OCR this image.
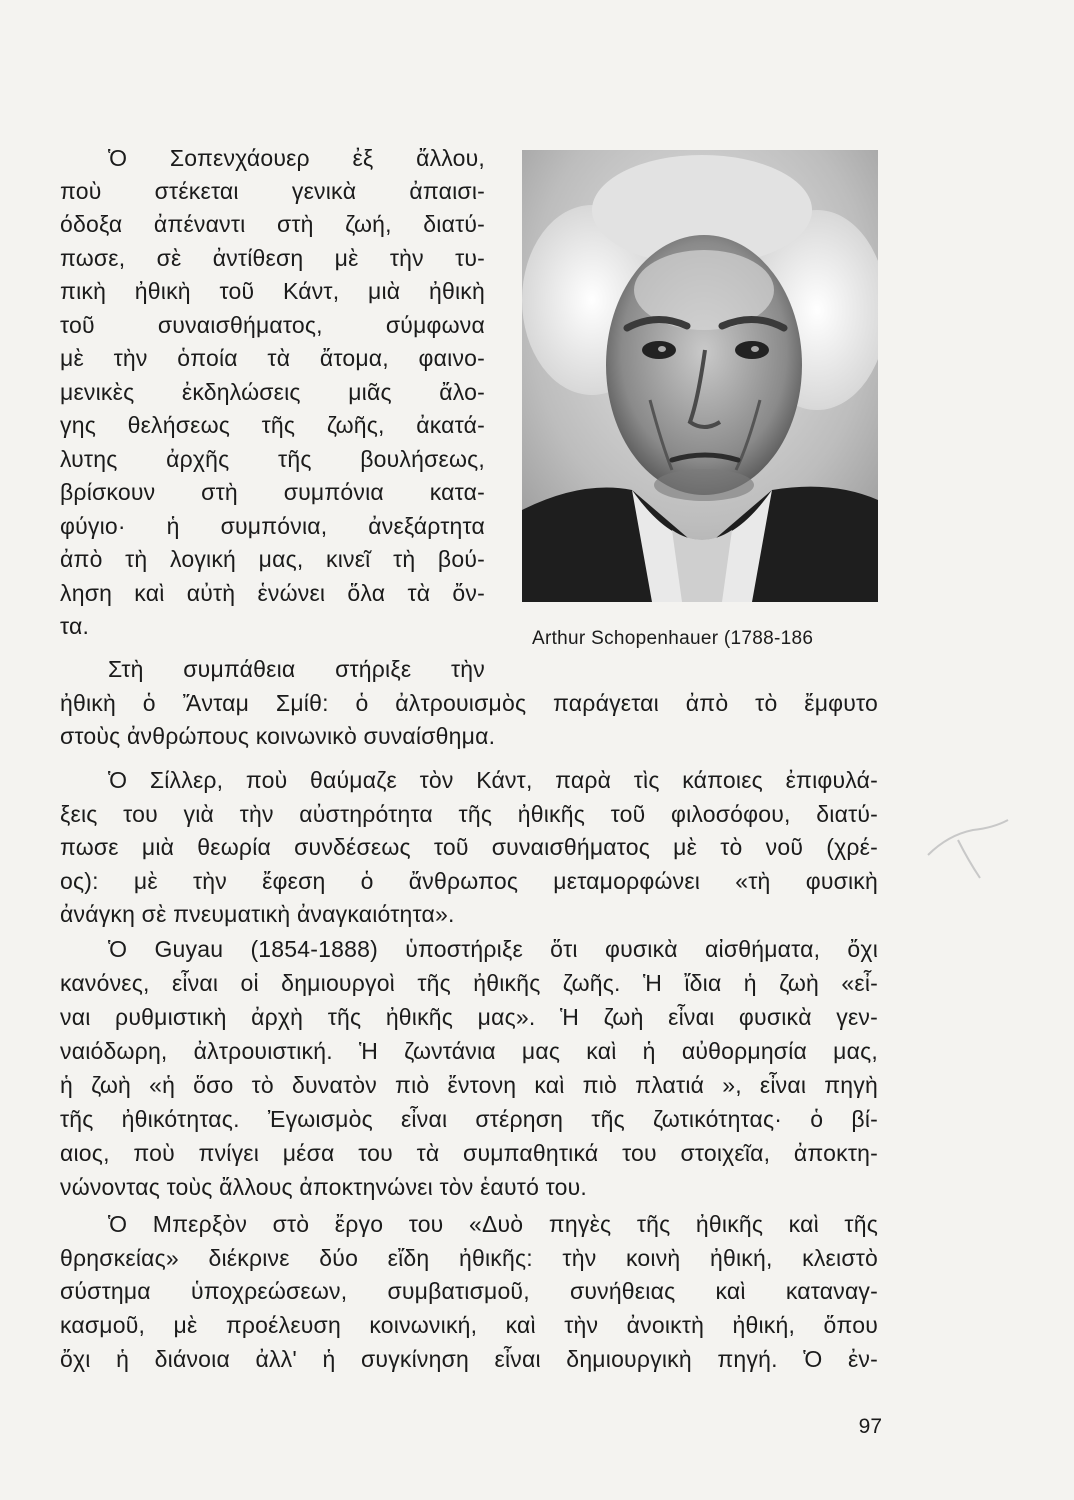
Arthur Schopenhauer (1788-186
Ὁ Σοπενχάουερ ἐξ ἄλλου,
ποὺ στέκεται γενικὰ ἀπαισι-
όδοξα ἀπέναντι στὴ ζωή, διατύ-
πωσε, σὲ ἀντίθεση μὲ τὴν τυ-
πικὴ ἠθικὴ τοῦ Κάντ, μιὰ ἠθικὴ
τοῦ συναισθήματος, σύμφωνα
μὲ τὴν ὁποία τὰ ἄτομα, φαινο-
μενικὲς ἐκδηλώσεις μιᾶς ἄλο-
γης θελήσεως τῆς ζωῆς, ἀκατά-
λυτης ἀρχῆς τῆς βουλήσεως,
βρίσκουν στὴ συμπόνια κατα-
φύγιο· ἡ συμπόνια, ἀνεξάρτητα
ἀπὸ τὴ λογική μας, κινεῖ τὴ βού-
ληση καὶ αὐτὴ ἑνώνει ὅλα τὰ ὄν-
τα.
Στὴ συμπάθεια στήριξε τὴν
ἠθικὴ ὁ Ἄνταμ Σμίθ: ὁ ἀλτρουισμὸς παράγεται ἀπὸ τὸ ἔμφυτο
στοὺς ἀνθρώπους κοινωνικὸ συναίσθημα.
Ὁ Σίλλερ, ποὺ θαύμαζε τὸν Κάντ, παρὰ τὶς κάποιες ἐπιφυλά-
ξεις του γιὰ τὴν αὐστηρότητα τῆς ἠθικῆς τοῦ φιλοσόφου, διατύ-
πωσε μιὰ θεωρία συνδέσεως τοῦ συναισθήματος μὲ τὸ νοῦ (χρέ-
ος): μὲ τὴν ἔφεση ὁ ἄνθρωπος μεταμορφώνει «τὴ φυσικὴ
ἀνάγκη σὲ πνευματικὴ ἀναγκαιότητα».
Ὁ Guyau (1854-1888) ὑποστήριξε ὅτι φυσικὰ αἰσθήματα, ὄχι
κανόνες, εἶναι οἱ δημιουργοὶ τῆς ἠθικῆς ζωῆς. Ἡ ἴδια ἡ ζωὴ «εἶ-
ναι ρυθμιστικὴ ἀρχὴ τῆς ἠθικῆς μας». Ἡ ζωὴ εἶναι φυσικὰ γεν-
ναιόδωρη, ἀλτρουιστική. Ἡ ζωντάνια μας καὶ ἡ αὐθορμησία μας,
ἡ ζωὴ «ἡ ὅσο τὸ δυνατὸν πιὸ ἔντονη καὶ πιὸ πλατιά », εἶναι πηγὴ
τῆς ἠθικότητας. Ἐγωισμὸς εἶναι στέρηση τῆς ζωτικότητας· ὁ βί-
αιος, ποὺ πνίγει μέσα του τὰ συμπαθητικά του στοιχεῖα, ἀποκτη-
νώνοντας τοὺς ἄλλους ἀποκτηνώνει τὸν ἑαυτό του.
Ὁ Μπερξὸν στὸ ἔργο του «Δυὸ πηγὲς τῆς ἠθικῆς καὶ τῆς
θρησκείας» διέκρινε δύο εἴδη ἠθικῆς: τὴν κοινὴ ἠθική, κλειστὸ
σύστημα ὑποχρεώσεων, συμβατισμοῦ, συνήθειας καὶ καταναγ-
κασμοῦ, μὲ προέλευση κοινωνική, καὶ τὴν ἀνοικτὴ ἠθική, ὅπου
ὄχι ἡ διάνοια ἀλλ' ἡ συγκίνηση εἶναι δημιουργικὴ πηγή. Ὁ ἐν-
97
